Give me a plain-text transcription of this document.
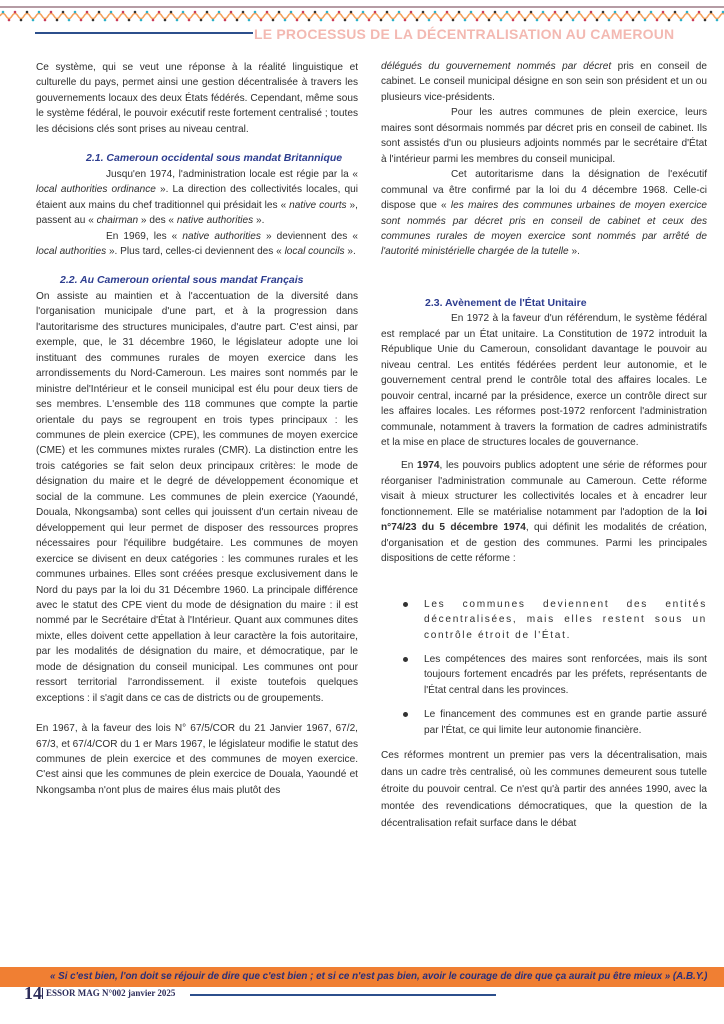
LE PROCESSUS DE LA DÉCENTRALISATION AU CAMEROUN

Ce système, qui se veut une réponse à la réalité linguistique et culturelle du pays, permet ainsi une gestion décentralisée à travers les gouvernements locaux des deux États fédérés. Cependant, même sous le système fédéral, le pouvoir exécutif reste fortement centralisé ; toutes les décisions clés sont prises au niveau central.

2.1. Cameroun occidental sous mandat Britannique

Jusqu'en 1974, l'administration locale est régie par la « local authorities ordinance ». La direction des collectivités locales, qui étaient aux mains du chef traditionnel qui présidait les « native courts », passent au « chairman » des « native authorities ».

En 1969, les « native authorities » deviennent des « local authorities ». Plus tard, celles-ci deviennent des « local councils ».

2.2. Au Cameroun oriental sous mandat Français

On assiste au maintien et à l'accentuation de la diversité dans l'organisation municipale d'une part, et à la progression dans l'autoritarisme des structures municipales, d'autre part. C'est ainsi, par exemple, que, le 31 décembre 1960, le législateur adopte une loi instituant des communes rurales de moyen exercice dans les arrondissements du Nord-Cameroun. Les maires sont nommés par le ministre del'Intérieur et le conseil municipal est élu pour deux tiers de ses membres. L'ensemble des 118 communes que compte la partie orientale du pays se regroupent en trois types principaux : les communes de plein exercice (CPE), les communes de moyen exercice (CME) et les communes mixtes rurales (CMR). La distinction entre les trois catégories se fait selon deux principaux critères: le mode de désignation du maire et le degré de développement économique et social de la commune. Les communes de plein exercice (Yaoundé, Douala, Nkongsamba) sont celles qui jouissent d'un certain niveau de développement qui leur permet de disposer des ressources propres nécessaires pour l'équilibre budgétaire. Les communes de moyen exercice se divisent en deux catégories : les communes rurales et les communes urbaines. Elles sont créées presque exclusivement dans le Nord du pays par la loi du 31 Décembre 1960. La principale différence avec le statut des CPE vient du mode de désignation du maire : il est nommé par le Secrétaire d'État à l'Intérieur. Quant aux communes dites mixte, elles doivent cette appellation à leur caractère la fois autoritaire, par les modalités de désignation du maire, et démocratique, par le mode de désignation du conseil municipal. Les communes ont pour ressort territorial l'arrondissement. il existe toutefois quelques exceptions : il s'agit dans ce cas de districts ou de groupements.

En 1967, à la faveur des lois N° 67/5/COR du 21 Janvier 1967, 67/2, 67/3, et 67/4/COR du 1 er Mars 1967, le législateur modifie le statut des communes de plein exercice et des communes de moyen exercice. C'est ainsi que les communes de plein exercice de Douala, Yaoundé et Nkongsamba n'ont plus de maires élus mais plutôt des

délégués du gouvernement nommés par décret pris en conseil de cabinet. Le conseil municipal désigne en son sein son président et un ou plusieurs vice-présidents.

Pour les autres communes de plein exercice, leurs maires sont désormais nommés par décret pris en conseil de cabinet. Ils sont assistés d'un ou plusieurs adjoints nommés par le secrétaire d'État à l'intérieur parmi les membres du conseil municipal.

Cet autoritarisme dans la désignation de l'exécutif communal va être confirmé par la loi du 4 décembre 1968. Celle-ci dispose que « les maires des communes urbaines de moyen exercice sont nommés par décret pris en conseil de cabinet et ceux des communes rurales de moyen exercice sont nommés par arrêté de l'autorité ministérielle chargée de la tutelle ».

2.3. Avènement de l'État Unitaire

En 1972 à la faveur d'un référendum, le système fédéral est remplacé par un État unitaire. La Constitution de 1972 introduit la République Unie du Cameroun, consolidant davantage le pouvoir au niveau central. Les entités fédérées perdent leur autonomie, et le gouvernement central prend le contrôle total des affaires locales. Le pouvoir central, incarné par la présidence, exerce un contrôle direct sur les affaires locales. Les réformes post-1972 renforcent l'administration communale, notamment à travers la formation de cadres administratifs et la mise en place de structures locales de gouvernance.

En 1974, les pouvoirs publics adoptent une série de réformes pour réorganiser l'administration communale au Cameroun. Cette réforme visait à mieux structurer les collectivités locales et à encadrer leur fonctionnement. Elle se matérialise notamment par l'adoption de la loi n°74/23 du 5 décembre 1974, qui définit les modalités de création, d'organisation et de gestion des communes. Parmi les principales dispositions de cette réforme :

Les communes deviennent des entités décentralisées, mais elles restent sous un contrôle étroit de l'État.
Les compétences des maires sont renforcées, mais ils sont toujours fortement encadrés par les préfets, représentants de l'État central dans les provinces.
Le financement des communes est en grande partie assuré par l'État, ce qui limite leur autonomie financière.

Ces réformes montrent un premier pas vers la décentralisation, mais dans un cadre très centralisé, où les communes demeurent sous tutelle étroite du pouvoir central. Ce n'est qu'à partir des années 1990, avec la montée des revendications démocratiques, que la question de la décentralisation refait surface dans le débat

« Si c'est bien, l'on doit se réjouir de dire que c'est bien ; et si ce n'est pas bien, avoir le courage de dire que ça aurait pu être mieux » (A.B.Y.)
14 ESSOR MAG N°002 janvier 2025
